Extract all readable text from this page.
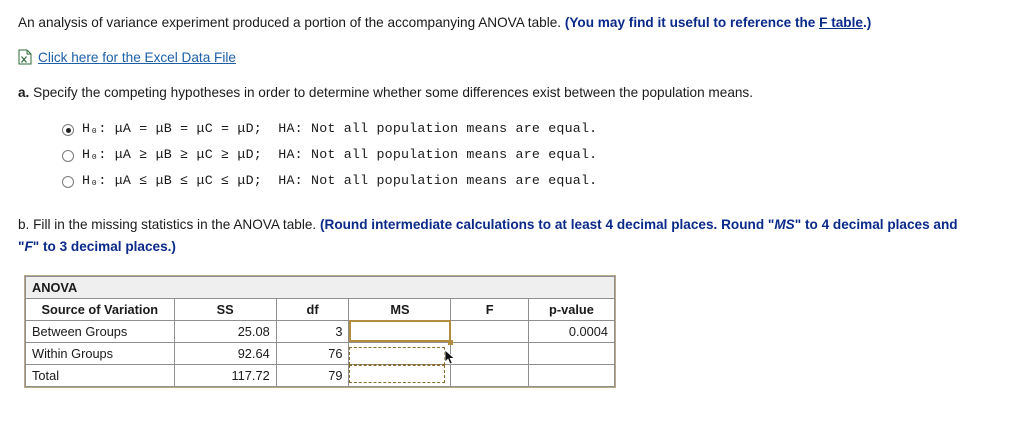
An analysis of variance experiment produced a portion of the accompanying ANOVA table. (You may find it useful to reference the F table.)
Click here for the Excel Data File
a. Specify the competing hypotheses in order to determine whether some differences exist between the population means.
H₀: μA = μB = μC = μD;  HA: Not all population means are equal.
H₀: μA ≥ μB ≥ μC ≥ μD;  HA: Not all population means are equal.
H₀: μA ≤ μB ≤ μC ≤ μD;  HA: Not all population means are equal.
b. Fill in the missing statistics in the ANOVA table. (Round intermediate calculations to at least 4 decimal places. Round "MS" to 4 decimal places and "F" to 3 decimal places.)
ANOVA					
Source of Variation	SS	df	MS	F	p-value
Between Groups	25.08	3			0.0004
Within Groups	92.64	76			
Total	117.72	79			
